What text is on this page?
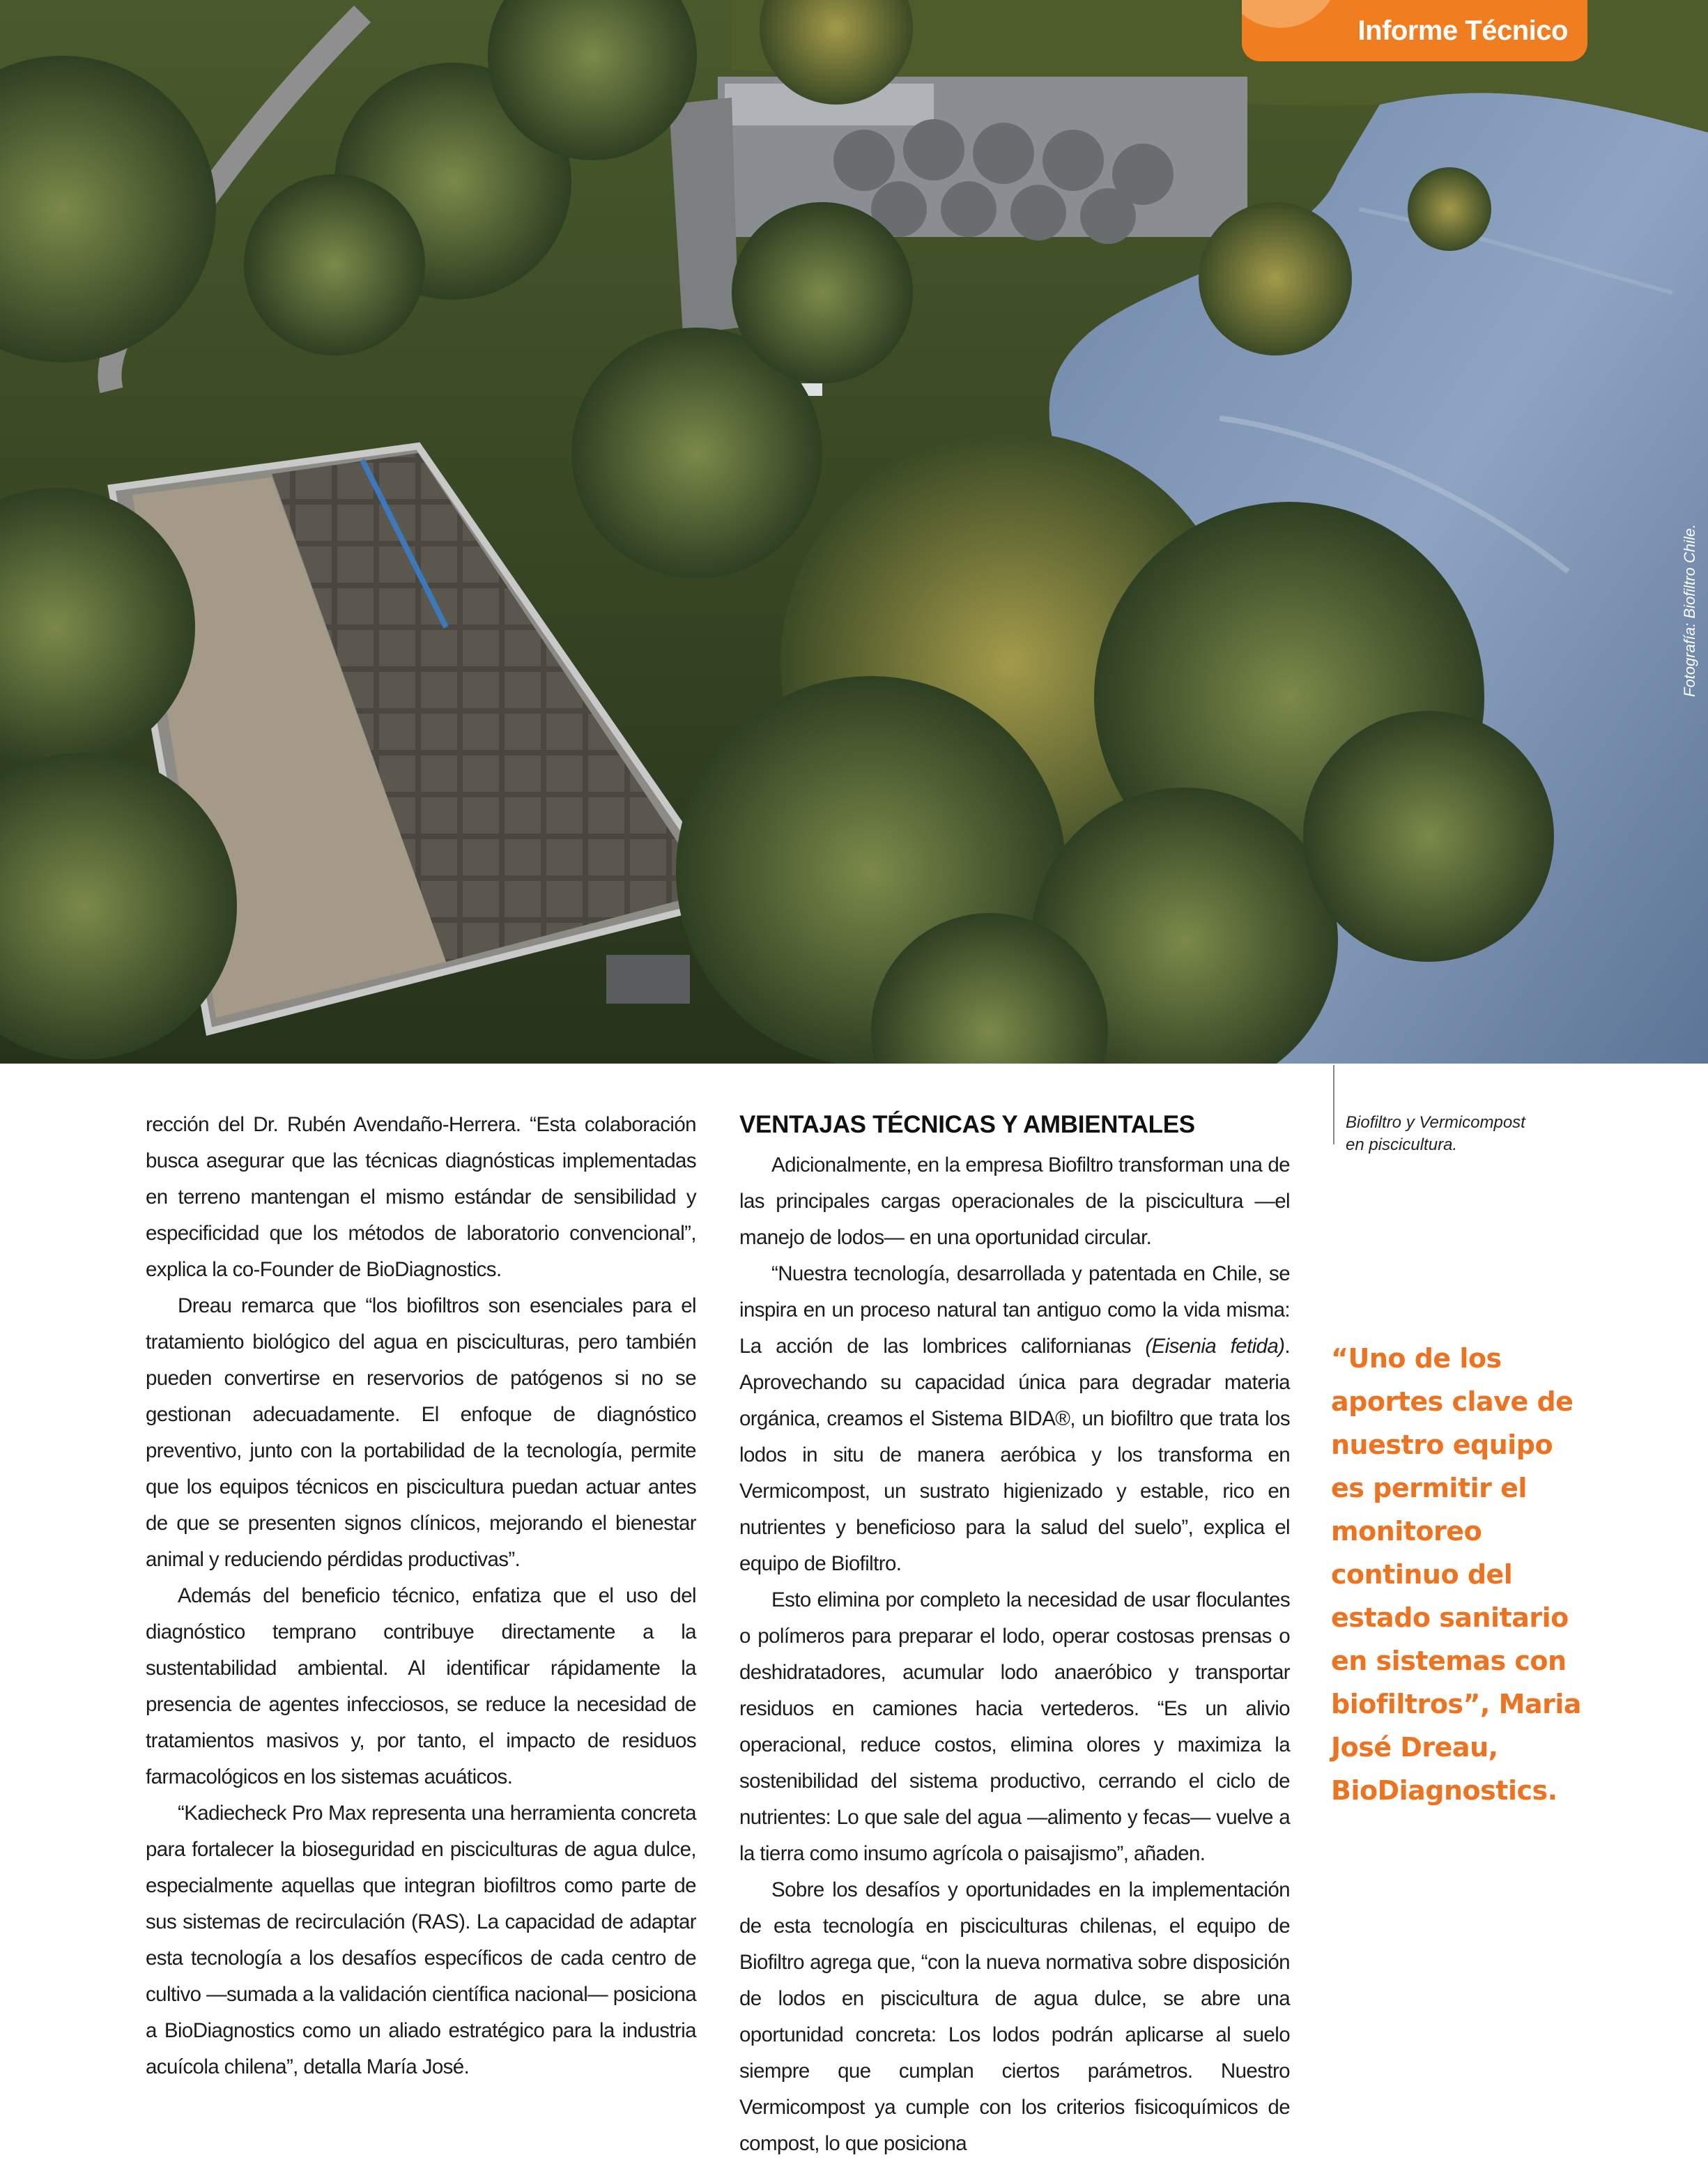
Informe Técnico
Fotografía: Biofiltro Chile.
Biofiltro y Vermicompost
en piscicultura.

rección del Dr. Rubén Avendaño-Herrera. “Esta colaboración busca asegurar que las técnicas diagnósticas implementadas en terreno mantengan el mismo estándar de sensibilidad y especificidad que los métodos de laboratorio convencional”, explica la co-Founder de BioDiagnostics.

Dreau remarca que “los biofiltros son esenciales para el tratamiento biológico del agua en pisciculturas, pero también pueden convertirse en reservorios de patógenos si no se gestionan adecuadamente. El enfoque de diagnóstico preventivo, junto con la portabilidad de la tecnología, permite que los equipos técnicos en piscicultura puedan actuar antes de que se presenten signos clínicos, mejorando el bienestar animal y reduciendo pérdidas productivas”.

Además del beneficio técnico, enfatiza que el uso del diagnóstico temprano contribuye directamente a la sustentabilidad ambiental. Al identificar rápidamente la presencia de agentes infecciosos, se reduce la necesidad de tratamientos masivos y, por tanto, el impacto de residuos farmacológicos en los sistemas acuáticos.

“Kadiecheck Pro Max representa una herramienta concreta para fortalecer la bioseguridad en pisciculturas de agua dulce, especialmente aquellas que integran biofiltros como parte de sus sistemas de recirculación (RAS). La capacidad de adaptar esta tecnología a los desafíos específicos de cada centro de cultivo —sumada a la validación científica nacional— posiciona a BioDiagnostics como un aliado estratégico para la industria acuícola chilena”, detalla María José.

VENTAJAS TÉCNICAS Y AMBIENTALES

Adicionalmente, en la empresa Biofiltro transforman una de las principales cargas operacionales de la piscicultura —el manejo de lodos— en una oportunidad circular.

“Nuestra tecnología, desarrollada y patentada en Chile, se inspira en un proceso natural tan antiguo como la vida misma: La acción de las lombrices californianas (Eisenia fetida). Aprovechando su capacidad única para degradar materia orgánica, creamos el Sistema BIDA®, un biofiltro que trata los lodos in situ de manera aeróbica y los transforma en Vermicompost, un sustrato higienizado y estable, rico en nutrientes y beneficioso para la salud del suelo”, explica el equipo de Biofiltro.

Esto elimina por completo la necesidad de usar floculantes o polímeros para preparar el lodo, operar costosas prensas o deshidratadores, acumular lodo anaeróbico y transportar residuos en camiones hacia vertederos. “Es un alivio operacional, reduce costos, elimina olores y maximiza la sostenibilidad del sistema productivo, cerrando el ciclo de nutrientes: Lo que sale del agua —alimento y fecas— vuelve a la tierra como insumo agrícola o paisajismo”, añaden.

Sobre los desafíos y oportunidades en la implementación de esta tecnología en pisciculturas chilenas, el equipo de Biofiltro agrega que, “con la nueva normativa sobre disposición de lodos en piscicultura de agua dulce, se abre una oportunidad concreta: Los lodos podrán aplicarse al suelo siempre que cumplan ciertos parámetros. Nuestro Vermicompost ya cumple con los criterios fisicoquímicos de compost, lo que posiciona

“Uno de los aportes clave de nuestro equipo es permitir el monitoreo continuo del estado sanitario en sistemas con biofiltros”, Maria José Dreau, BioDiagnostics.
